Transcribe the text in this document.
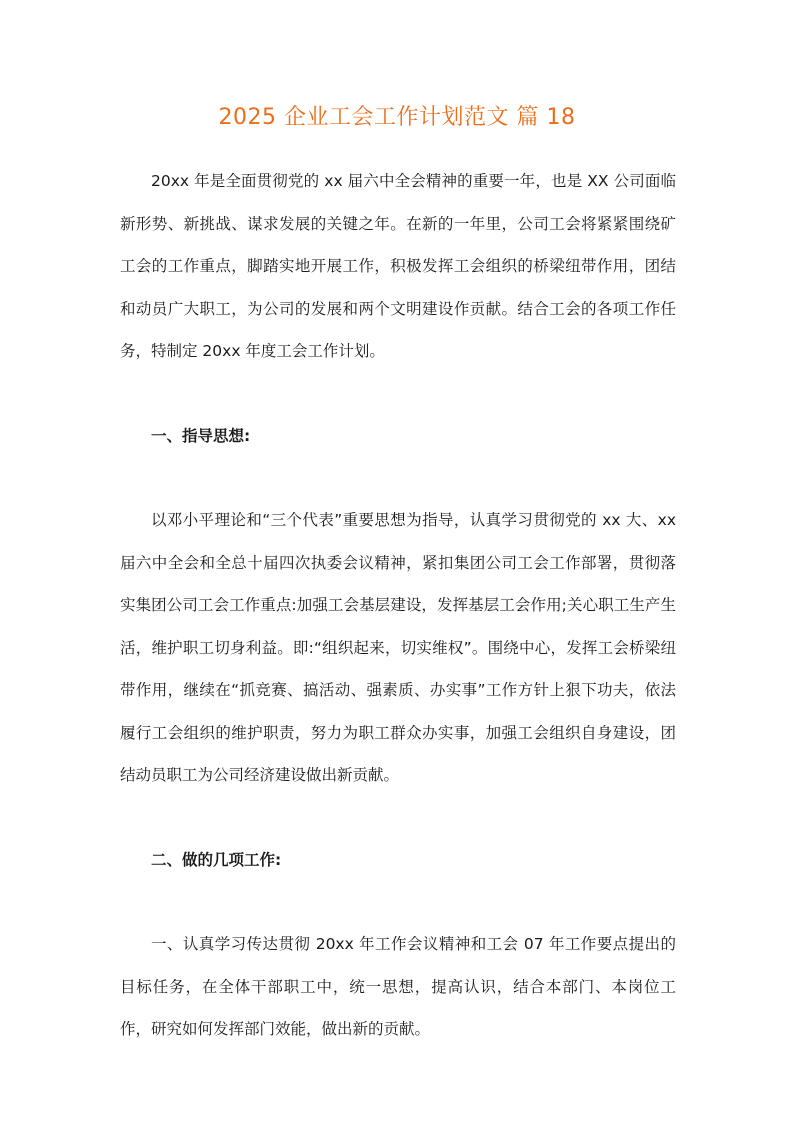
2025 企业工会工作计划范文 篇 18

20xx 年是全面贯彻党的 xx 届六中全会精神的重要一年，也是 XX 公司面临新形势、新挑战、谋求发展的关键之年。在新的一年里，公司工会将紧紧围绕矿工会的工作重点，脚踏实地开展工作，积极发挥工会组织的桥梁纽带作用，团结和动员广大职工，为公司的发展和两个文明建设作贡献。结合工会的各项工作任务，特制定 20xx 年度工会工作计划。

一、指导思想:

以邓小平理论和“三个代表”重要思想为指导，认真学习贯彻党的 xx 大、xx 届六中全会和全总十届四次执委会议精神，紧扣集团公司工会工作部署，贯彻落实集团公司工会工作重点:加强工会基层建设，发挥基层工会作用;关心职工生产生活，维护职工切身利益。即:“组织起来，切实维权”。围绕中心，发挥工会桥梁纽带作用，继续在“抓竞赛、搞活动、强素质、办实事”工作方针上狠下功夫，依法履行工会组织的维护职责，努力为职工群众办实事，加强工会组织自身建设，团结动员职工为公司经济建设做出新贡献。

二、做的几项工作:

一、认真学习传达贯彻 20xx 年工作会议精神和工会 07 年工作要点提出的目标任务，在全体干部职工中，统一思想，提高认识，结合本部门、本岗位工作，研究如何发挥部门效能，做出新的贡献。
